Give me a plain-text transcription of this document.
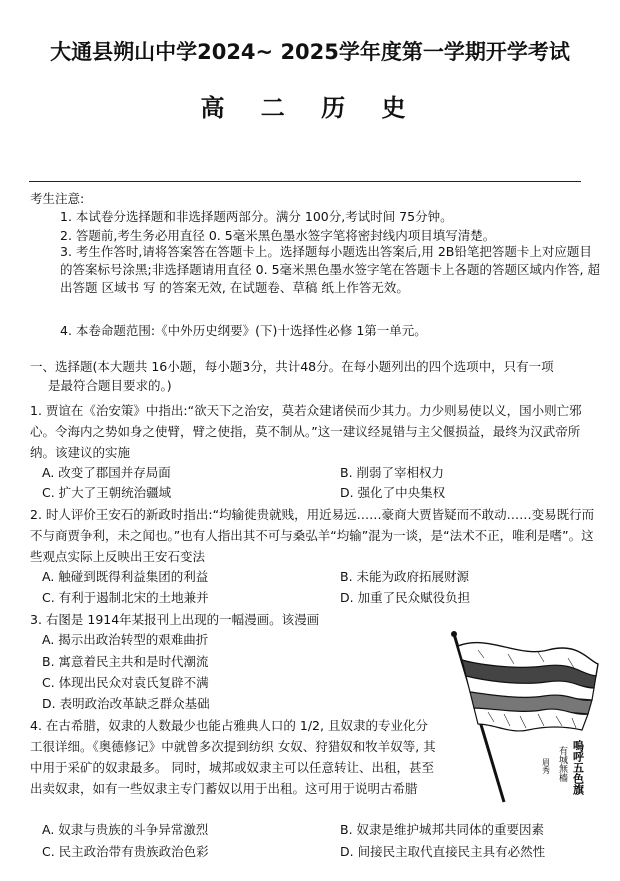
大通县朔山中学2024~ 2025学年度第一学期开学考试
高 二 历 史
考生注意:
1. 本试卷分选择题和非选择题两部分。满分 100分,考试时间 75分钟。
2. 答题前,考生务必用直径 0. 5毫米黑色墨水签字笔将密封线内项目填写清楚。
3. 考生作答时,请将答案答在答题卡上。选择题每小题选出答案后,用 2B铅笔把答题卡上对应题目的答案标号涂黑;非选择题请用直径 0. 5毫米黑色墨水签字笔在答题卡上各题的答题区域内作答, 超 出答题 区域书 写 的答案无效, 在试题卷、草稿 纸上作答无效。
4. 本卷命题范围:《中外历史纲要》(下)十选择性必修 1第一单元。
一、选择题(本大题共 16小题，每小题3分，共计48分。在每小题列出的四个选项中，只有一项
是最符合题目要求的。)
1. 贾谊在《治安策》中指出:“欲天下之治安，莫若众建诸侯而少其力。力少则易使以义，国小则亡邪心。令海内之势如身之使臂，臂之使指，莫不制从。”这一建议经晁错与主父偃损益，最终为汉武帝所纳。该建议的实施
A. 改变了郡国并存局面	B. 削弱了宰相权力
C. 扩大了王朝统治疆域	D. 强化了中央集权
2. 时人评价王安石的新政时指出:“均输徙贵就贱，用近易远……豪商大贾皆疑而不敢动……变易既行而不与商贾争利，未之闻也。”也有人指出其不可与桑弘羊“均输”混为一谈，是“法术不正，唯利是嗜”。这些观点实际上反映出王安石变法
A. 触碰到既得利益集团的利益	B. 未能为政府拓展财源
C. 有利于遏制北宋的土地兼并	D. 加重了民众赋役负担
3. 右图是 1914年某报刊上出现的一幅漫画。该漫画
A. 揭示出政治转型的艰难曲折
B. 寓意着民主共和是时代潮流
C. 体现出民众对袁氏复辟不满
D. 表明政治改革缺乏群众基础
4. 在古希腊，奴隶的人数最少也能占雅典人口的 1/2, 且奴隶的专业化分工很详细。《奥德修记》中就曾多次提到纺织 女奴、狩猎奴和牧羊奴等, 其中用于采矿的奴隶最多。 同时，城邦或奴隶主可以任意转让、出租，甚至出卖奴隶，如有一些奴隶主专门蓄奴以用于出租。这可用于说明古希腊
A. 奴隶与贵族的斗争异常激烈	B. 奴隶是维护城邦共同体的重要因素
C. 民主政治带有贵族政治色彩	D. 间接民主取代直接民主具有必然性
嗚呼五色旗
有城無檣
眉秀
